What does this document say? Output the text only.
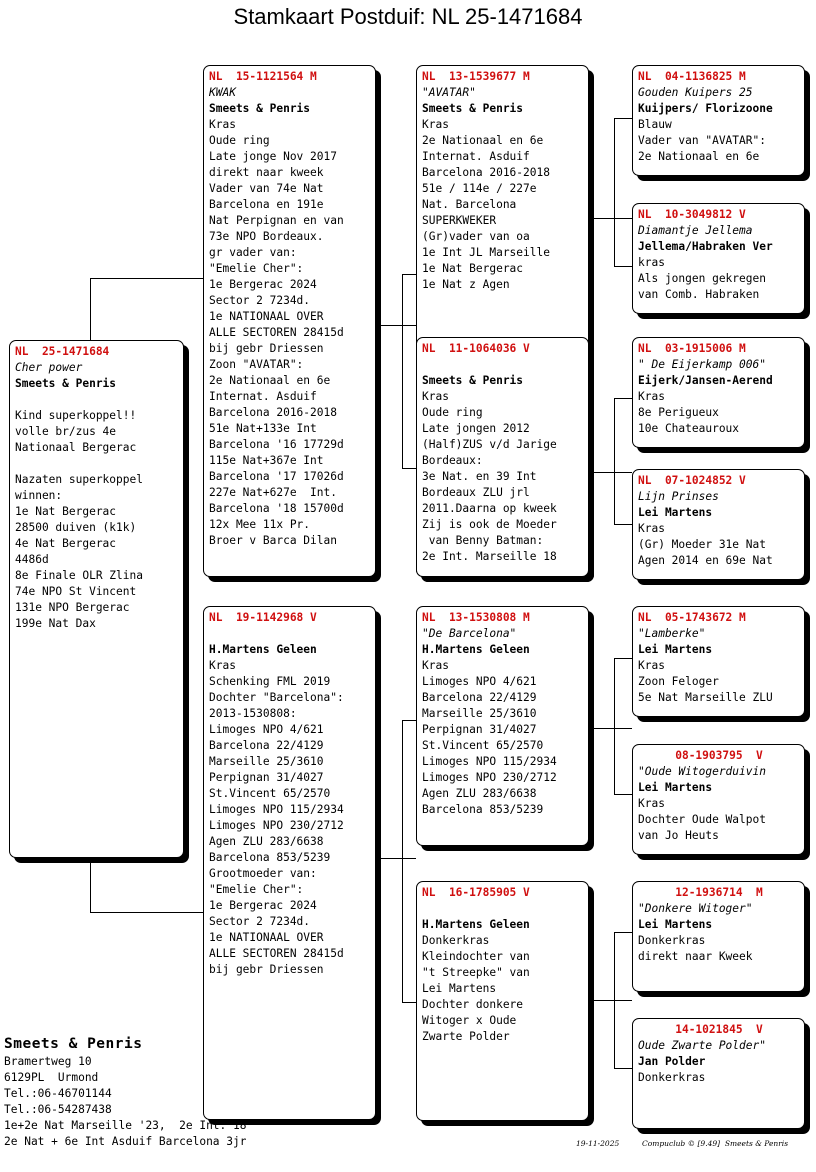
Stamkaart Postduif: NL 25-1471684
NL  25-1471684
Cher power
Smeets & Penris
Kind superkoppel!!
volle br/zus 4e
Nationaal Bergerac
Nazaten superkoppel
winnen:
1e Nat Bergerac
28500 duiven (k1k)
4e Nat Bergerac
4486d
8e Finale OLR Zlina
74e NPO St Vincent
131e NPO Bergerac
199e Nat Dax
NL  15-1121564 M
KWAK
Smeets & Penris
Kras
Oude ring
Late jonge Nov 2017
direkt naar kweek
Vader van 74e Nat
Barcelona en 191e
Nat Perpignan en van
73e NPO Bordeaux.
gr vader van:
"Emelie Cher":
1e Bergerac 2024
Sector 2 7234d.
1e NATIONAAL OVER
ALLE SECTOREN 28415d
bij gebr Driessen
Zoon "AVATAR":
2e Nationaal en 6e
Internat. Asduif
Barcelona 2016-2018
51e Nat+133e Int
Barcelona '16 17729d
115e Nat+367e Int
Barcelona '17 17026d
227e Nat+627e  Int.
Barcelona '18 15700d
12x Mee 11x Pr.
Broer v Barca Dilan
NL  19-1142968 V
H.Martens Geleen
Kras
Schenking FML 2019
Dochter "Barcelona":
2013-1530808:
Limoges NPO 4/621
Barcelona 22/4129
Marseille 25/3610
Perpignan 31/4027
St.Vincent 65/2570
Limoges NPO 115/2934
Limoges NPO 230/2712
Agen ZLU 283/6638
Barcelona 853/5239
Grootmoeder van:
"Emelie Cher":
1e Bergerac 2024
Sector 2 7234d.
1e NATIONAAL OVER
ALLE SECTOREN 28415d
bij gebr Driessen
NL  13-1539677 M
"AVATAR"
Smeets & Penris
Kras
2e Nationaal en 6e
Internat. Asduif
Barcelona 2016-2018
51e / 114e / 227e
Nat. Barcelona
SUPERKWEKER
(Gr)vader van oa
1e Int JL Marseille
1e Nat Bergerac
1e Nat z Agen
NL  11-1064036 V
Smeets & Penris
Kras
Oude ring
Late jongen 2012
(Half)ZUS v/d Jarige
Bordeaux:
3e Nat. en 39 Int
Bordeaux ZLU jrl
2011.Daarna op kweek
Zij is ook de Moeder
van Benny Batman:
2e Int. Marseille 18
NL  13-1530808 M
"De Barcelona"
H.Martens Geleen
Kras
Limoges NPO 4/621
Barcelona 22/4129
Marseille 25/3610
Perpignan 31/4027
St.Vincent 65/2570
Limoges NPO 115/2934
Limoges NPO 230/2712
Agen ZLU 283/6638
Barcelona 853/5239
NL  16-1785905 V
H.Martens Geleen
Donkerkras
Kleindochter van
"t Streepke" van
Lei Martens
Dochter donkere
Witoger x Oude
Zwarte Polder
NL  04-1136825 M
Gouden Kuipers 25
Kuijpers/ Florizoone
Blauw
Vader van "AVATAR":
2e Nationaal en 6e
NL  10-3049812 V
Diamantje Jellema
Jellema/Habraken Ver
kras
Als jongen gekregen
van Comb. Habraken
NL  03-1915006 M
" De Eijerkamp 006"
Eijerk/Jansen-Aerend
Kras
8e Perigueux
10e Chateauroux
NL  07-1024852 V
Lijn Prinses
Lei Martens
Kras
(Gr) Moeder 31e Nat
Agen 2014 en 69e Nat
NL  05-1743672 M
"Lamberke"
Lei Martens
Kras
Zoon Feloger
5e Nat Marseille ZLU
08-1903795  V
"Oude Witogerduivin
Lei Martens
Kras
Dochter Oude Walpot
van Jo Heuts
12-1936714  M
"Donkere Witoger"
Lei Martens
Donkerkras
direkt naar Kweek
14-1021845  V
Oude Zwarte Polder"
Jan Polder
Donkerkras
Smeets & Penris
Bramertweg 10
6129PL  Urmond
Tel.:06-46701144
Tel.:06-54287438
1e+2e Nat Marseille '23,  2e Int.'18
2e Nat + 6e Int Asduif Barcelona 3jr	19-11-2025	Compuclub © [9.49]  Smeets & Penris
